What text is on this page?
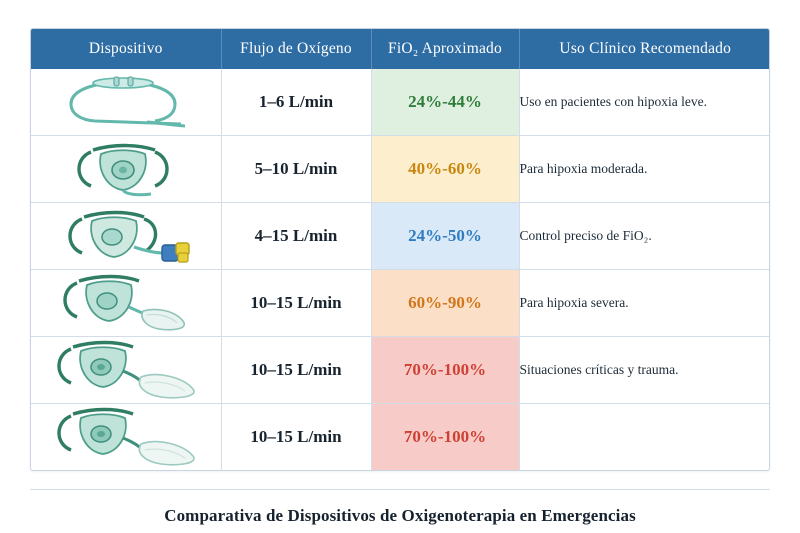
Dispositivo	Flujo de Oxígeno	FiO₂ Aproximado	Uso Clínico Recomendado

	1–6 L/min	24%-44%	Uso en pacientes con hipoxia leve.

	5–10 L/min	40%-60%	Para hipoxia moderada.

	4–15 L/min	24%-50%	Control preciso de FiO₂.

	10–15 L/min	60%-90%	Para hipoxia severa.

	10–15 L/min	70%-100%	Situaciones críticas y trauma.

	10–15 L/min	70%-100%	
Comparativa de Dispositivos de Oxigenoterapia en Emergencias
